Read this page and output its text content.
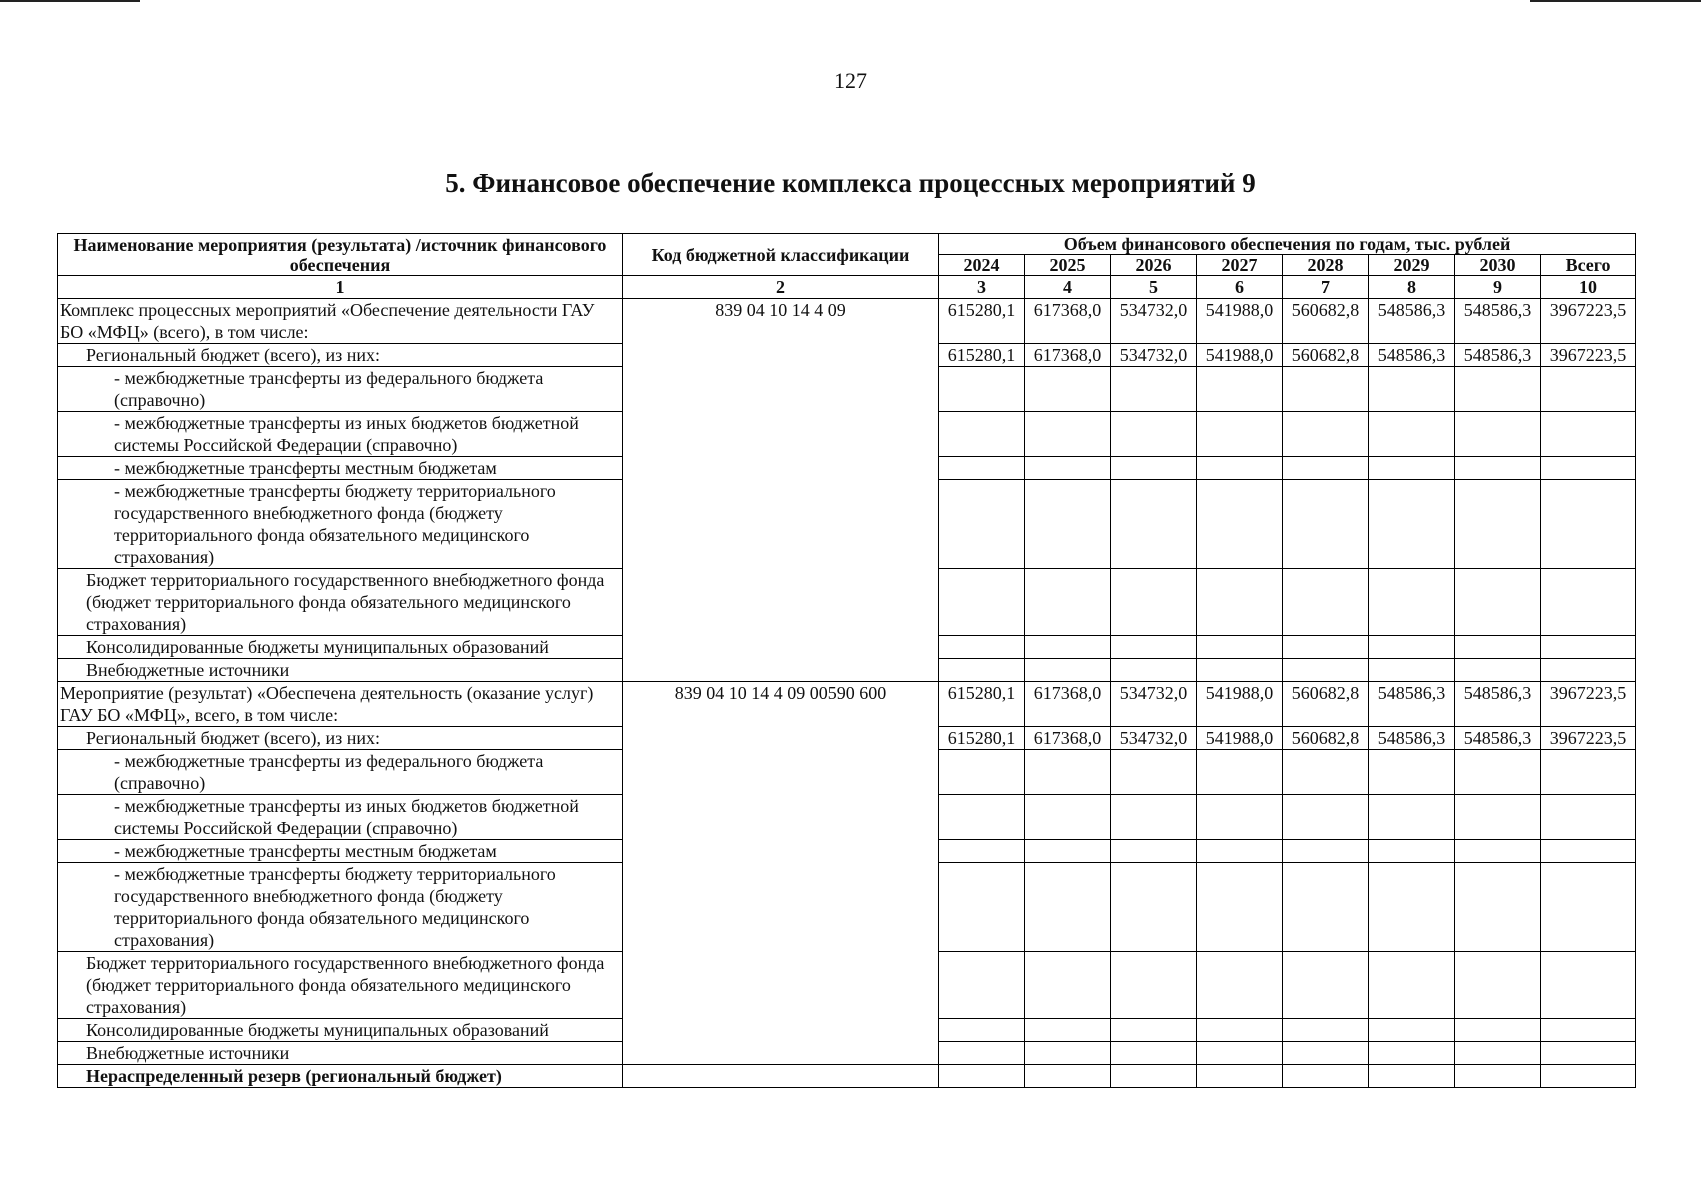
127
5. Финансовое обеспечение комплекса процессных мероприятий 9
Наименование мероприятия (результата) /источник финансового обеспечения	Код бюджетной классификации	Объем финансового обеспечения по годам, тыс. рублей							
		2024	2025	2026	2027	2028	2029	2030	Всего
1	2	3	4	5	6	7	8	9	10
Комплекс процессных мероприятий «Обеспечение деятельности ГАУ БО «МФЦ» (всего), в том числе:	839 04 10 14 4 09	615280,1	617368,0	534732,0	541988,0	560682,8	548586,3	548586,3	3967223,5
Региональный бюджет (всего), из них:		615280,1	617368,0	534732,0	541988,0	560682,8	548586,3	548586,3	3967223,5
- межбюджетные трансферты из федерального бюджета (справочно)									
- межбюджетные трансферты из иных бюджетов бюджетной системы Российской Федерации (справочно)									
- межбюджетные трансферты местным бюджетам									
- межбюджетные трансферты бюджету территориального государственного внебюджетного фонда (бюджету территориального фонда обязательного медицинского страхования)									
Бюджет территориального государственного внебюджетного фонда (бюджет территориального фонда обязательного медицинского страхования)									
Консолидированные бюджеты муниципальных образований									
Внебюджетные источники									
Мероприятие (результат) «Обеспечена деятельность (оказание услуг) ГАУ БО «МФЦ», всего, в том числе:	839 04 10 14 4 09 00590 600	615280,1	617368,0	534732,0	541988,0	560682,8	548586,3	548586,3	3967223,5
Региональный бюджет (всего), из них:		615280,1	617368,0	534732,0	541988,0	560682,8	548586,3	548586,3	3967223,5
- межбюджетные трансферты из федерального бюджета (справочно)									
- межбюджетные трансферты из иных бюджетов бюджетной системы Российской Федерации (справочно)									
- межбюджетные трансферты местным бюджетам									
- межбюджетные трансферты бюджету территориального государственного внебюджетного фонда (бюджету территориального фонда обязательного медицинского страхования)									
Бюджет территориального государственного внебюджетного фонда (бюджет территориального фонда обязательного медицинского страхования)									
Консолидированные бюджеты муниципальных образований									
Внебюджетные источники									
Нераспределенный резерв (региональный бюджет)									
